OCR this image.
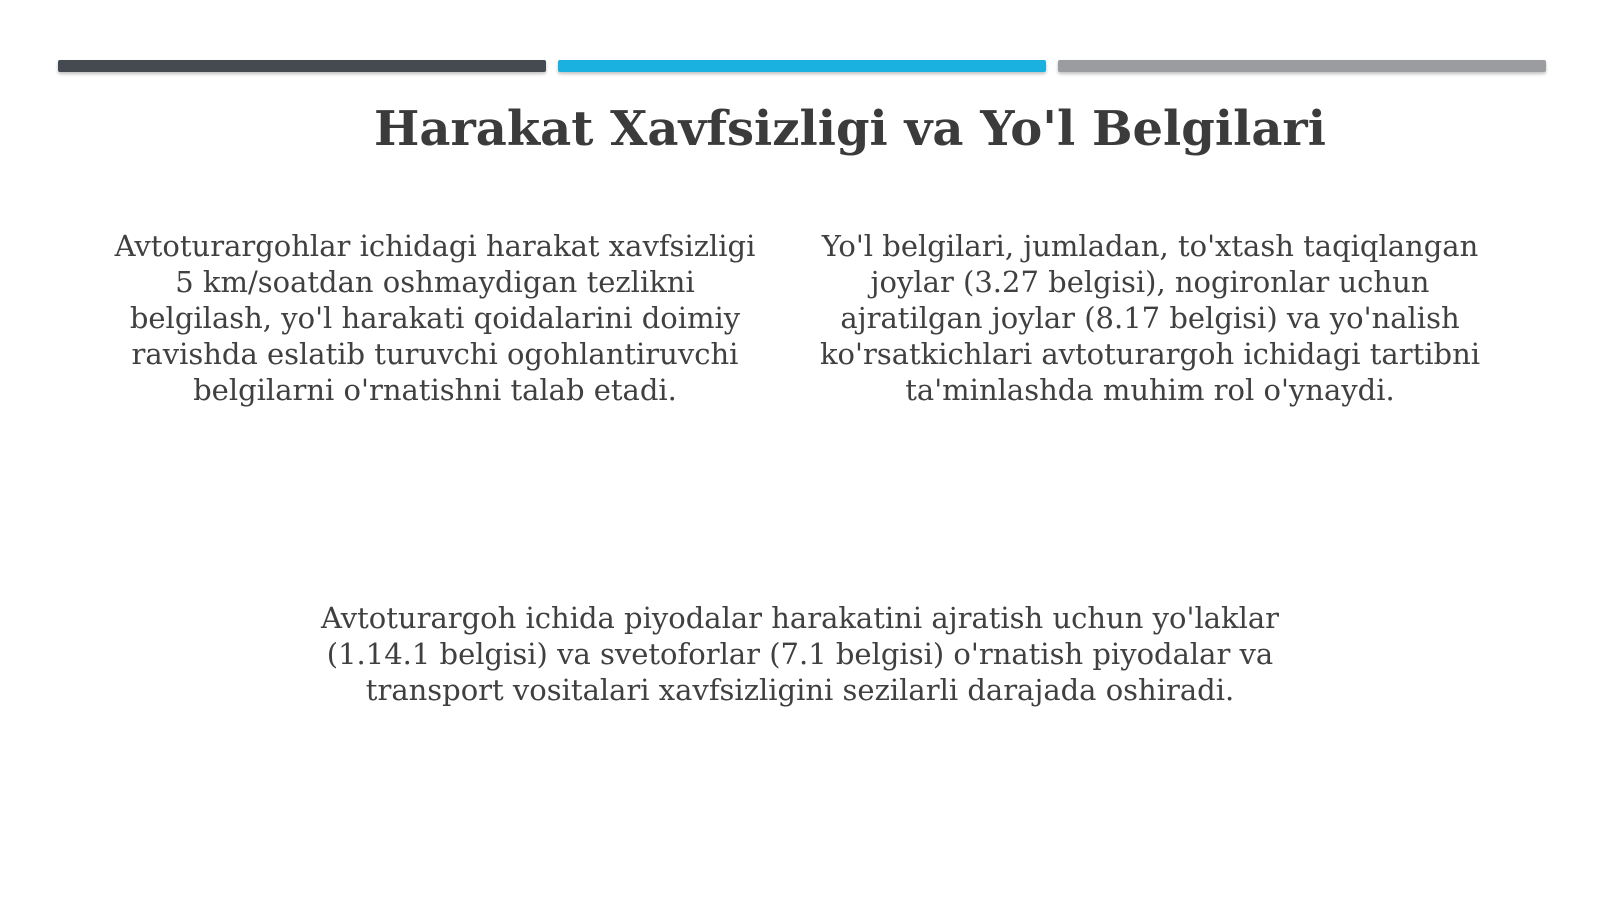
Harakat Xavfsizligi va Yo'l Belgilari

Avtoturargohlar ichidagi harakat xavfsizligi 5 km/soatdan oshmaydigan tezlikni belgilash, yo'l harakati qoidalarini doimiy ravishda eslatib turuvchi ogohlantiruvchi belgilarni o'rnatishni talab etadi.

Yo'l belgilari, jumladan, to'xtash taqiqlangan joylar (3.27 belgisi), nogironlar uchun ajratilgan joylar (8.17 belgisi) va yo'nalish ko'rsatkichlari avtoturargoh ichidagi tartibni ta'minlashda muhim rol o'ynaydi.

Avtoturargoh ichida piyodalar harakatini ajratish uchun yo'laklar (1.14.1 belgisi) va svetoforlar (7.1 belgisi) o'rnatish piyodalar va transport vositalari xavfsizligini sezilarli darajada oshiradi.
